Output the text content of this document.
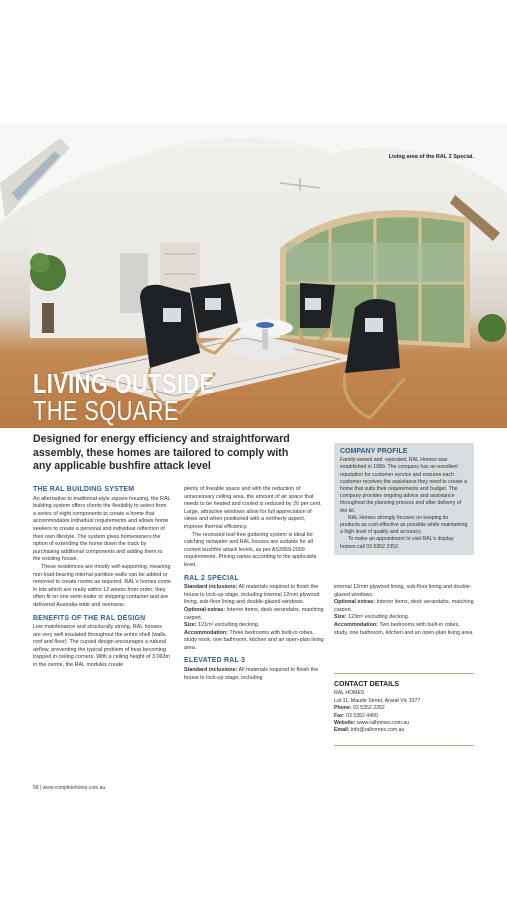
Living area of the RAL 2 Special.
LIVING OUTSIDE
THE SQUARE
Designed for energy efficiency and straightforward assembly, these homes are tailored to comply with any applicable bushfire attack level
THE RAL BUILDING SYSTEM

An alternative to traditional-style square housing, the RAL building system offers clients the flexibility to select from a series of eight components to create a home that accommodates individual requirements and allows home seekers to create a personal and individual reflection of their own lifestyle. The system gives homeowners the option of extending the home down the track by purchasing additional components and adding them to the existing house.

These residences are mostly self-supporting, meaning non-load-bearing internal partition walls can be added or removed to create rooms as required. RAL's homes come in kits which are ready within 12 weeks from order; they often fit on one semi-trailer or shipping container and are delivered Australia-wide and overseas.

BENEFITS OF THE RAL DESIGN

Low maintenance and structurally strong, RAL houses are very well insulated throughout the entire shell (walls, roof and floor). The curved design encourages a natural airflow, preventing the typical problem of heat becoming trapped in ceiling corners. With a ceiling height of 3.063m in the centre, the RAL modules create

plenty of liveable space and with the reduction of unnecessary ceiling area, the amount of air space that needs to be heated and cooled is reduced by 20 per cent. Large, attractive windows allow for full appreciation of views and when positioned with a northerly aspect, improve thermal efficiency.

The recessed leaf-free guttering system is ideal for catching rainwater and RAL houses are suitable for all current bushfire attack levels, as per AS3959-2009 requirements. Pricing varies according to the applicable level.

RAL 2 SPECIAL

Standard inclusions: All materials required to finish the house to lock-up stage, including internal 12mm plywood lining, sub-floor lining and double-glazed windows.

Optional extras: Interior items, deck verandahs, matching carport.

Size: 121m² excluding decking.

Accommodation: Three bedrooms with built-in robes, study nook, one bathroom, kitchen and an open-plan living area.

ELEVATED RAL 3

Standard inclusions: All materials required to finish the house to lock-up stage, including

COMPANY PROFILE
Family-owned and -operated, RAL Homes was established in 1989. The company has an excellent reputation for customer service and ensures each customer receives the assistance they need to create a home that suits their requirements and budget. The company provides ongoing advice and assistance throughout the planning process and after delivery of the kit.
RAL Homes strongly focuses on keeping its products as cost-effective as possible while maintaining a high level of quality and accuracy.
To make an appointment to visit RAL's display homes call 03 5352 2352.

internal 12mm plywood lining, sub-floor lining and double-glazed windows.

Optional extras: Interior items, deck verandahs, matching carport.

Size: 123m² excluding decking.

Accommodation: Two bedrooms with built-in robes, study, one bathroom, kitchen and an open-plan living area.

CONTACT DETAILS
RAL HOMES
Lot 11, Maude Street, Ararat Vic 3377
Phone: 03 5352 2352
Fax: 03 5352 4400
Website: www.ralhomes.com.au
Email: info@ralhomes.com.au
58 | www.completehome.com.au
